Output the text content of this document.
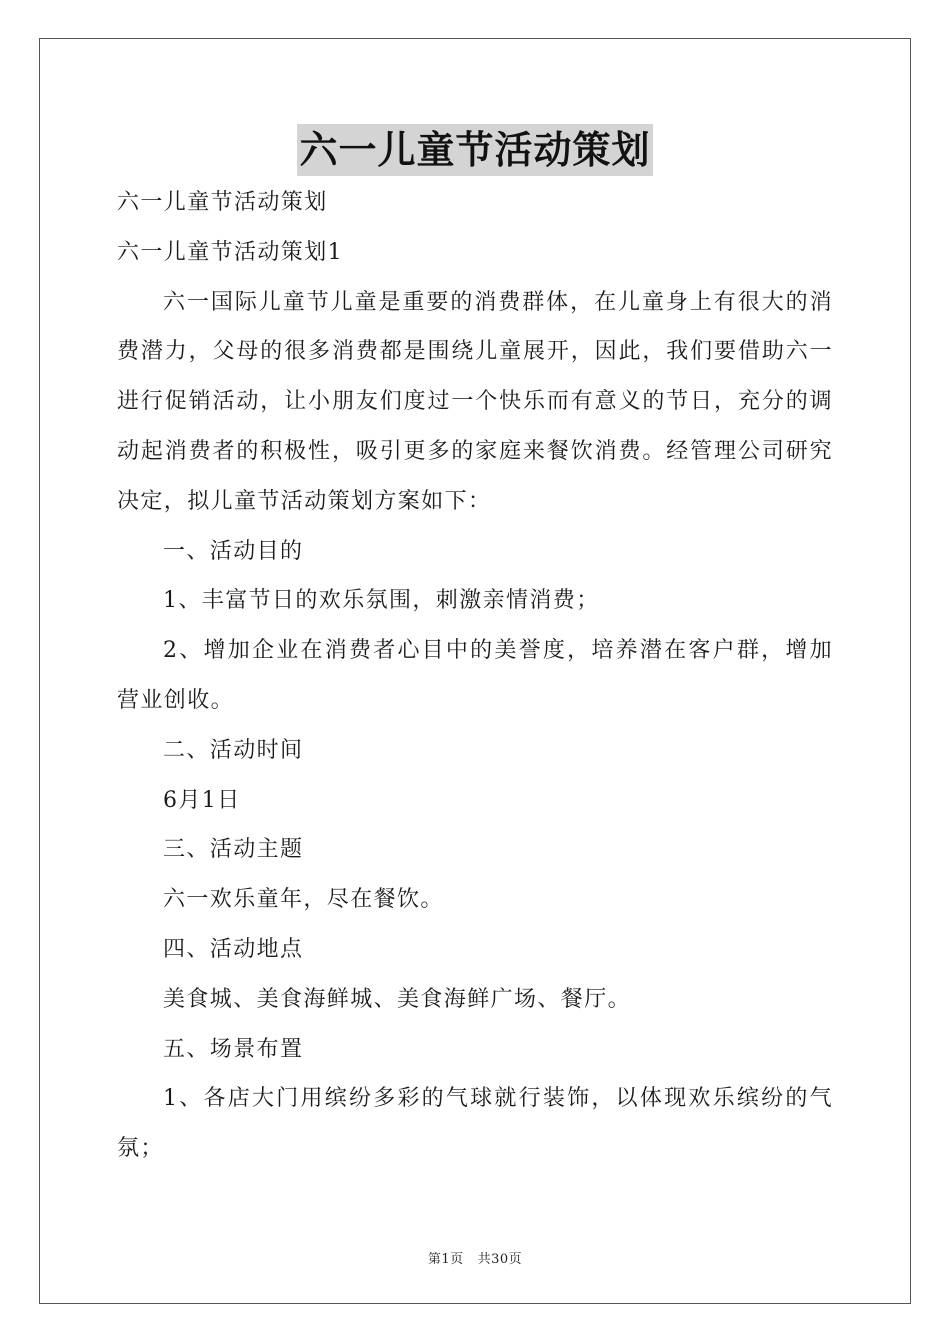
六一儿童节活动策划

六一儿童节活动策划

六一儿童节活动策划1

六一国际儿童节儿童是重要的消费群体，在儿童身上有很大的消费潜力，父母的很多消费都是围绕儿童展开，因此，我们要借助六一进行促销活动，让小朋友们度过一个快乐而有意义的节日，充分的调动起消费者的积极性，吸引更多的家庭来餐饮消费。经管理公司研究决定，拟儿童节活动策划方案如下：

一、活动目的

1、丰富节日的欢乐氛围，刺激亲情消费；

2、增加企业在消费者心目中的美誉度，培养潜在客户群，增加营业创收。

二、活动时间

6月1日

三、活动主题

六一欢乐童年，尽在餐饮。

四、活动地点

美食城、美食海鲜城、美食海鲜广场、餐厅。

五、场景布置

1、各店大门用缤纷多彩的气球就行装饰，以体现欢乐缤纷的气氛；

第1页 共30页
